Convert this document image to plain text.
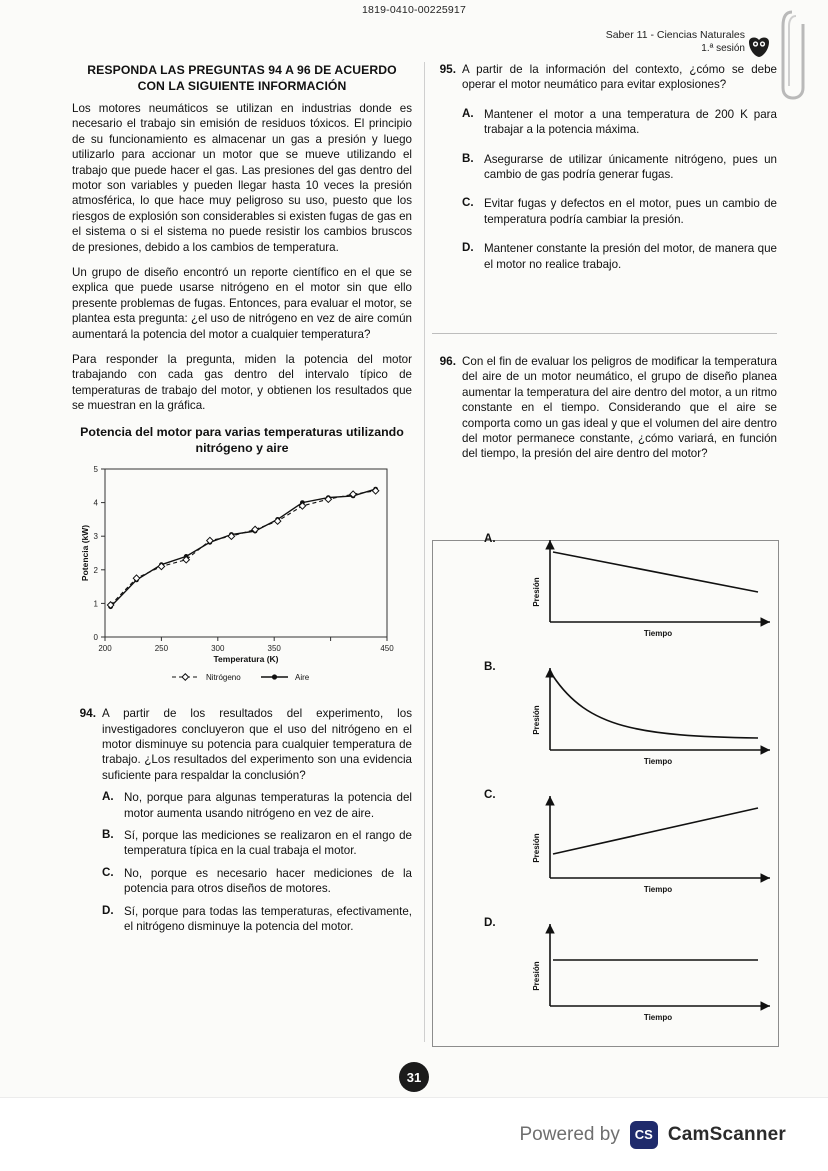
1819-0410-00225917
Saber 11 - Ciencias Naturales
1.ª sesión
RESPONDA LAS PREGUNTAS 94 A 96 DE ACUERDO CON LA SIGUIENTE INFORMACIÓN

Los motores neumáticos se utilizan en industrias donde es necesario el trabajo sin emisión de residuos tóxicos. El principio de su funcionamiento es almacenar un gas a presión y luego utilizarlo para accionar un motor que se mueve utilizando el trabajo que puede hacer el gas. Las presiones del gas dentro del motor son variables y pueden llegar hasta 10 veces la presión atmosférica, lo que hace muy peligroso su uso, puesto que los riesgos de explosión son considerables si existen fugas de gas en el sistema o si el sistema no puede resistir los cambios bruscos de presiones, debido a los cambios de temperatura.

Un grupo de diseño encontró un reporte científico en el que se explica que puede usarse nitrógeno en el motor sin que ello presente problemas de fugas. Entonces, para evaluar el motor, se plantea esta pregunta: ¿el uso de nitrógeno en vez de aire común aumentará la potencia del motor a cualquier temperatura?

Para responder la pregunta, miden la potencia del motor trabajando con cada gas dentro del intervalo típico de temperaturas de trabajo del motor, y obtienen los resultados que se muestran en la gráfica.

Potencia del motor para varias temperaturas utilizando nitrógeno y aire
0
1
2
3
4
5
200	250	300	350	450
Temperatura (K)
Potencia (kW)
Nitrógeno	Aire
94. A partir de los resultados del experimento, los investigadores concluyeron que el uso del nitrógeno en el motor disminuye su potencia para cualquier temperatura de trabajo. ¿Los resultados del experimento son una evidencia suficiente para respaldar la conclusión?
A. No, porque para algunas temperaturas la potencia del motor aumenta usando nitrógeno en vez de aire.
B. Sí, porque las mediciones se realizaron en el rango de temperatura típica en la cual trabaja el motor.
C. No, porque es necesario hacer mediciones de la potencia para otros diseños de motores.
D. Sí, porque para todas las temperaturas, efectivamente, el nitrógeno disminuye la potencia del motor.
95. A partir de la información del contexto, ¿cómo se debe operar el motor neumático para evitar explosiones?
A. Mantener el motor a una temperatura de 200 K para trabajar a la potencia máxima.
B. Asegurarse de utilizar únicamente nitrógeno, pues un cambio de gas podría generar fugas.
C. Evitar fugas y defectos en el motor, pues un cambio de temperatura podría cambiar la presión.
D. Mantener constante la presión del motor, de manera que el motor no realice trabajo.
96. Con el fin de evaluar los peligros de modificar la temperatura del aire de un motor neumático, el grupo de diseño planea aumentar la temperatura del aire dentro del motor, a un ritmo constante en el tiempo. Considerando que el aire se comporta como un gas ideal y que el volumen del aire dentro del motor permanece constante, ¿cómo variará, en función del tiempo, la presión del aire dentro del motor?
A.
Presión
Tiempo
B.
Presión
Tiempo
C.
Presión
Tiempo
D.
Presión
Tiempo
31
Powered by	CS CamScanner
